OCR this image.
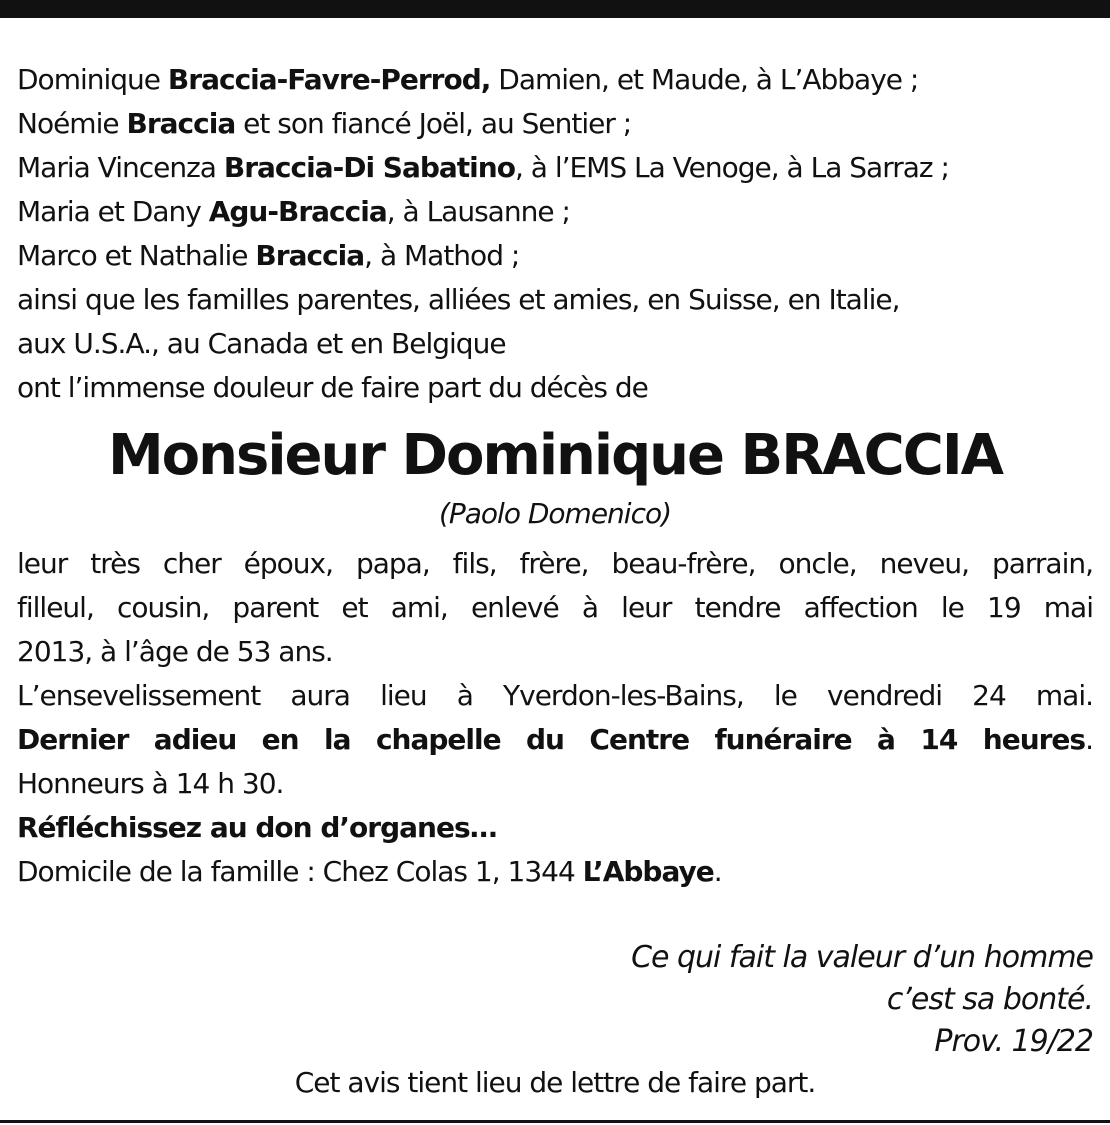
Dominique Braccia-Favre-Perrod, Damien, et Maude, à L’Abbaye ;
Noémie Braccia et son fiancé Joël, au Sentier ;
Maria Vincenza Braccia-Di Sabatino, à l’EMS La Venoge, à La Sarraz ;
Maria et Dany Agu-Braccia, à Lausanne ;
Marco et Nathalie Braccia, à Mathod ;
ainsi que les familles parentes, alliées et amies, en Suisse, en Italie,
aux U.S.A., au Canada et en Belgique
ont l’immense douleur de faire part du décès de
Monsieur Dominique BRACCIA
(Paolo Domenico)
leur très cher époux, papa, fils, frère, beau-frère, oncle, neveu, parrain,
filleul, cousin, parent et ami, enlevé à leur tendre affection le 19 mai
2013, à l’âge de 53 ans.
L’ensevelissement aura lieu à Yverdon-les-Bains, le vendredi 24 mai.
Dernier adieu en la chapelle du Centre funéraire à 14 heures.
Honneurs à 14 h 30.
Réfléchissez au don d’organes…
Domicile de la famille : Chez Colas 1, 1344 L’Abbaye.
Ce qui fait la valeur d’un homme
c’est sa bonté.
Prov. 19/22
Cet avis tient lieu de lettre de faire part.
